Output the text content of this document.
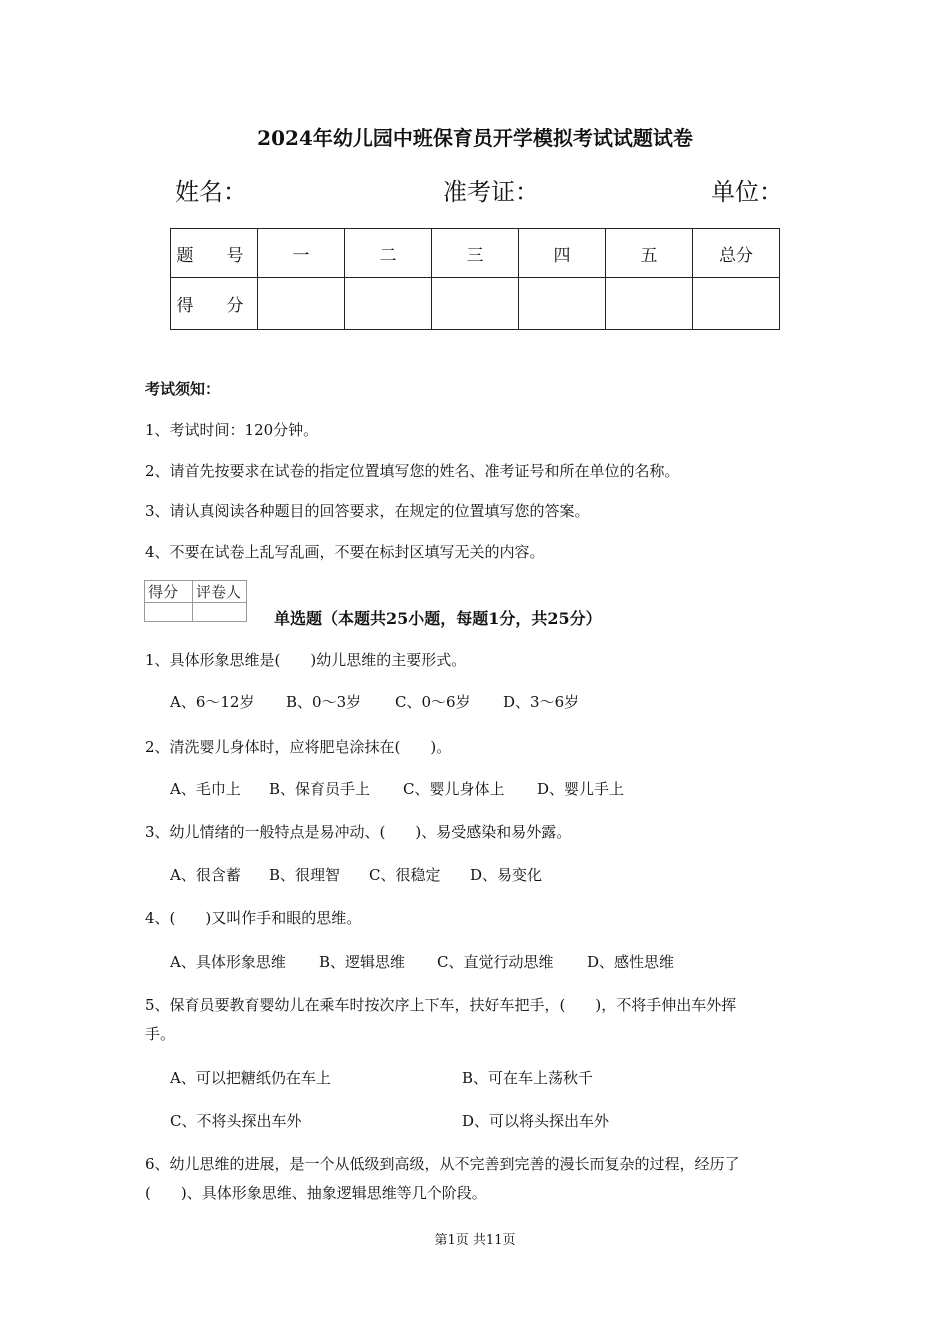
2024年幼儿园中班保育员开学模拟考试试题试卷
姓名：	准考证：	单位：
题　号	一	二	三	四	五	总分
得　分						
考试须知：
1、考试时间：120分钟。
2、请首先按要求在试卷的指定位置填写您的姓名、准考证号和所在单位的名称。
3、请认真阅读各种题目的回答要求，在规定的位置填写您的答案。
4、不要在试卷上乱写乱画，不要在标封区填写无关的内容。
得分	评卷人

单选题（本题共25小题，每题1分，共25分）
1、具体形象思维是(　　)幼儿思维的主要形式。
A、6～12岁 B、0～3岁 C、0～6岁 D、3～6岁
2、清洗婴儿身体时，应将肥皂涂抹在(　　)。
A、毛巾上 B、保育员手上 C、婴儿身体上 D、婴儿手上
3、幼儿情绪的一般特点是易冲动、(　　)、易受感染和易外露。
A、很含蓄 B、很理智 C、很稳定 D、易变化
4、(　　)又叫作手和眼的思维。
A、具体形象思维 B、逻辑思维 C、直觉行动思维 D、感性思维
5、保育员要教育婴幼儿在乘车时按次序上下车，扶好车把手，(　　)，不将手伸出车外挥
手。
A、可以把糖纸仍在车上	B、可在车上荡秋千
C、不将头探出车外	D、可以将头探出车外
6、幼儿思维的进展，是一个从低级到高级，从不完善到完善的漫长而复杂的过程，经历了
(　　)、具体形象思维、抽象逻辑思维等几个阶段。
第1页 共11页
